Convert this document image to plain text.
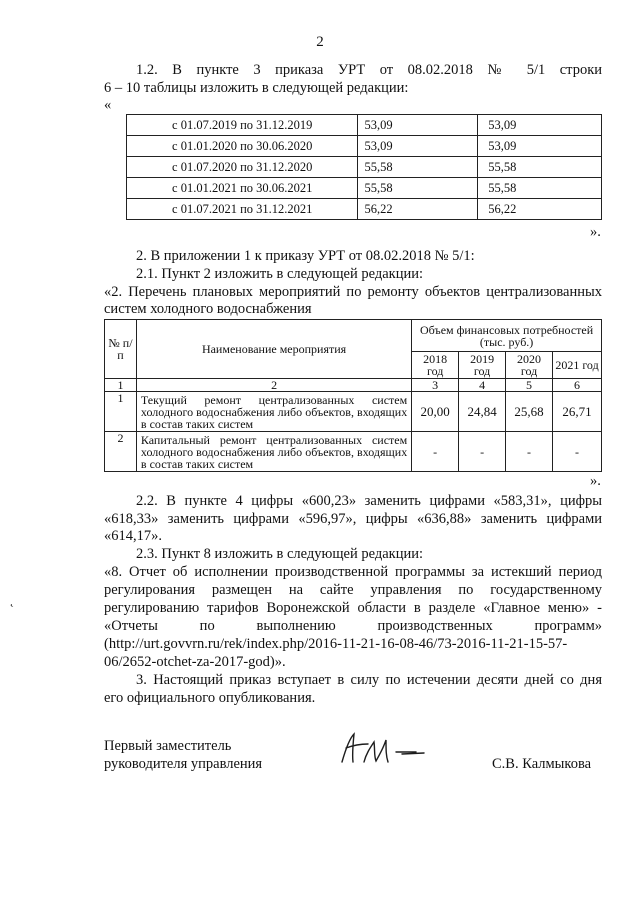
2
1.2. В пункте 3 приказа УРТ от 08.02.2018 № 5/1 строки
6 – 10 таблицы изложить в следующей редакции:
«
с 01.07.2019 по 31.12.2019	53,09	53,09
с 01.01.2020 по 30.06.2020	53,09	53,09
с 01.07.2020 по 31.12.2020	55,58	55,58
с 01.01.2021 по 30.06.2021	55,58	55,58
с 01.07.2021 по 31.12.2021	56,22	56,22
».
2. В приложении 1 к приказу УРТ от 08.02.2018 № 5/1:
2.1. Пункт 2 изложить в следующей редакции:
«2. Перечень плановых мероприятий по ремонту объектов централизованных
систем холодного водоснабжения
№ п/п	Наименование мероприятия	Объем финансовых потребностей (тыс. руб.)			
		2018 год	2019 год	2020 год	2021 год
1	2	3	4	5	6
1	Текущий ремонт централизованных систем холодного водоснабжения либо объектов, входящих в состав таких систем	20,00	24,84	25,68	26,71
2	Капитальный ремонт централизованных систем холодного водоснабжения либо объектов, входящих в состав таких систем	-	-	-	-
».
2.2. В пункте 4 цифры «600,23» заменить цифрами «583,31», цифры
«618,33» заменить цифрами «596,97», цифры «636,88» заменить цифрами
«614,17».
2.3. Пункт 8 изложить в следующей редакции:
«8. Отчет об исполнении производственной программы за истекший период
регулирования размещен на сайте управления по государственному
регулированию тарифов Воронежской области в разделе «Главное меню» -
«Отчеты по выполнению производственных программ»
(http://urt.govvrn.ru/rek/index.php/2016-11-21-16-08-46/73-2016-11-21-15-57-
06/2652-otchet-za-2017-god)».
3. Настоящий приказ вступает в силу по истечении десяти дней со дня
его официального опубликования.
Первый заместитель
руководителя управления	С.В. Калмыкова
˛
